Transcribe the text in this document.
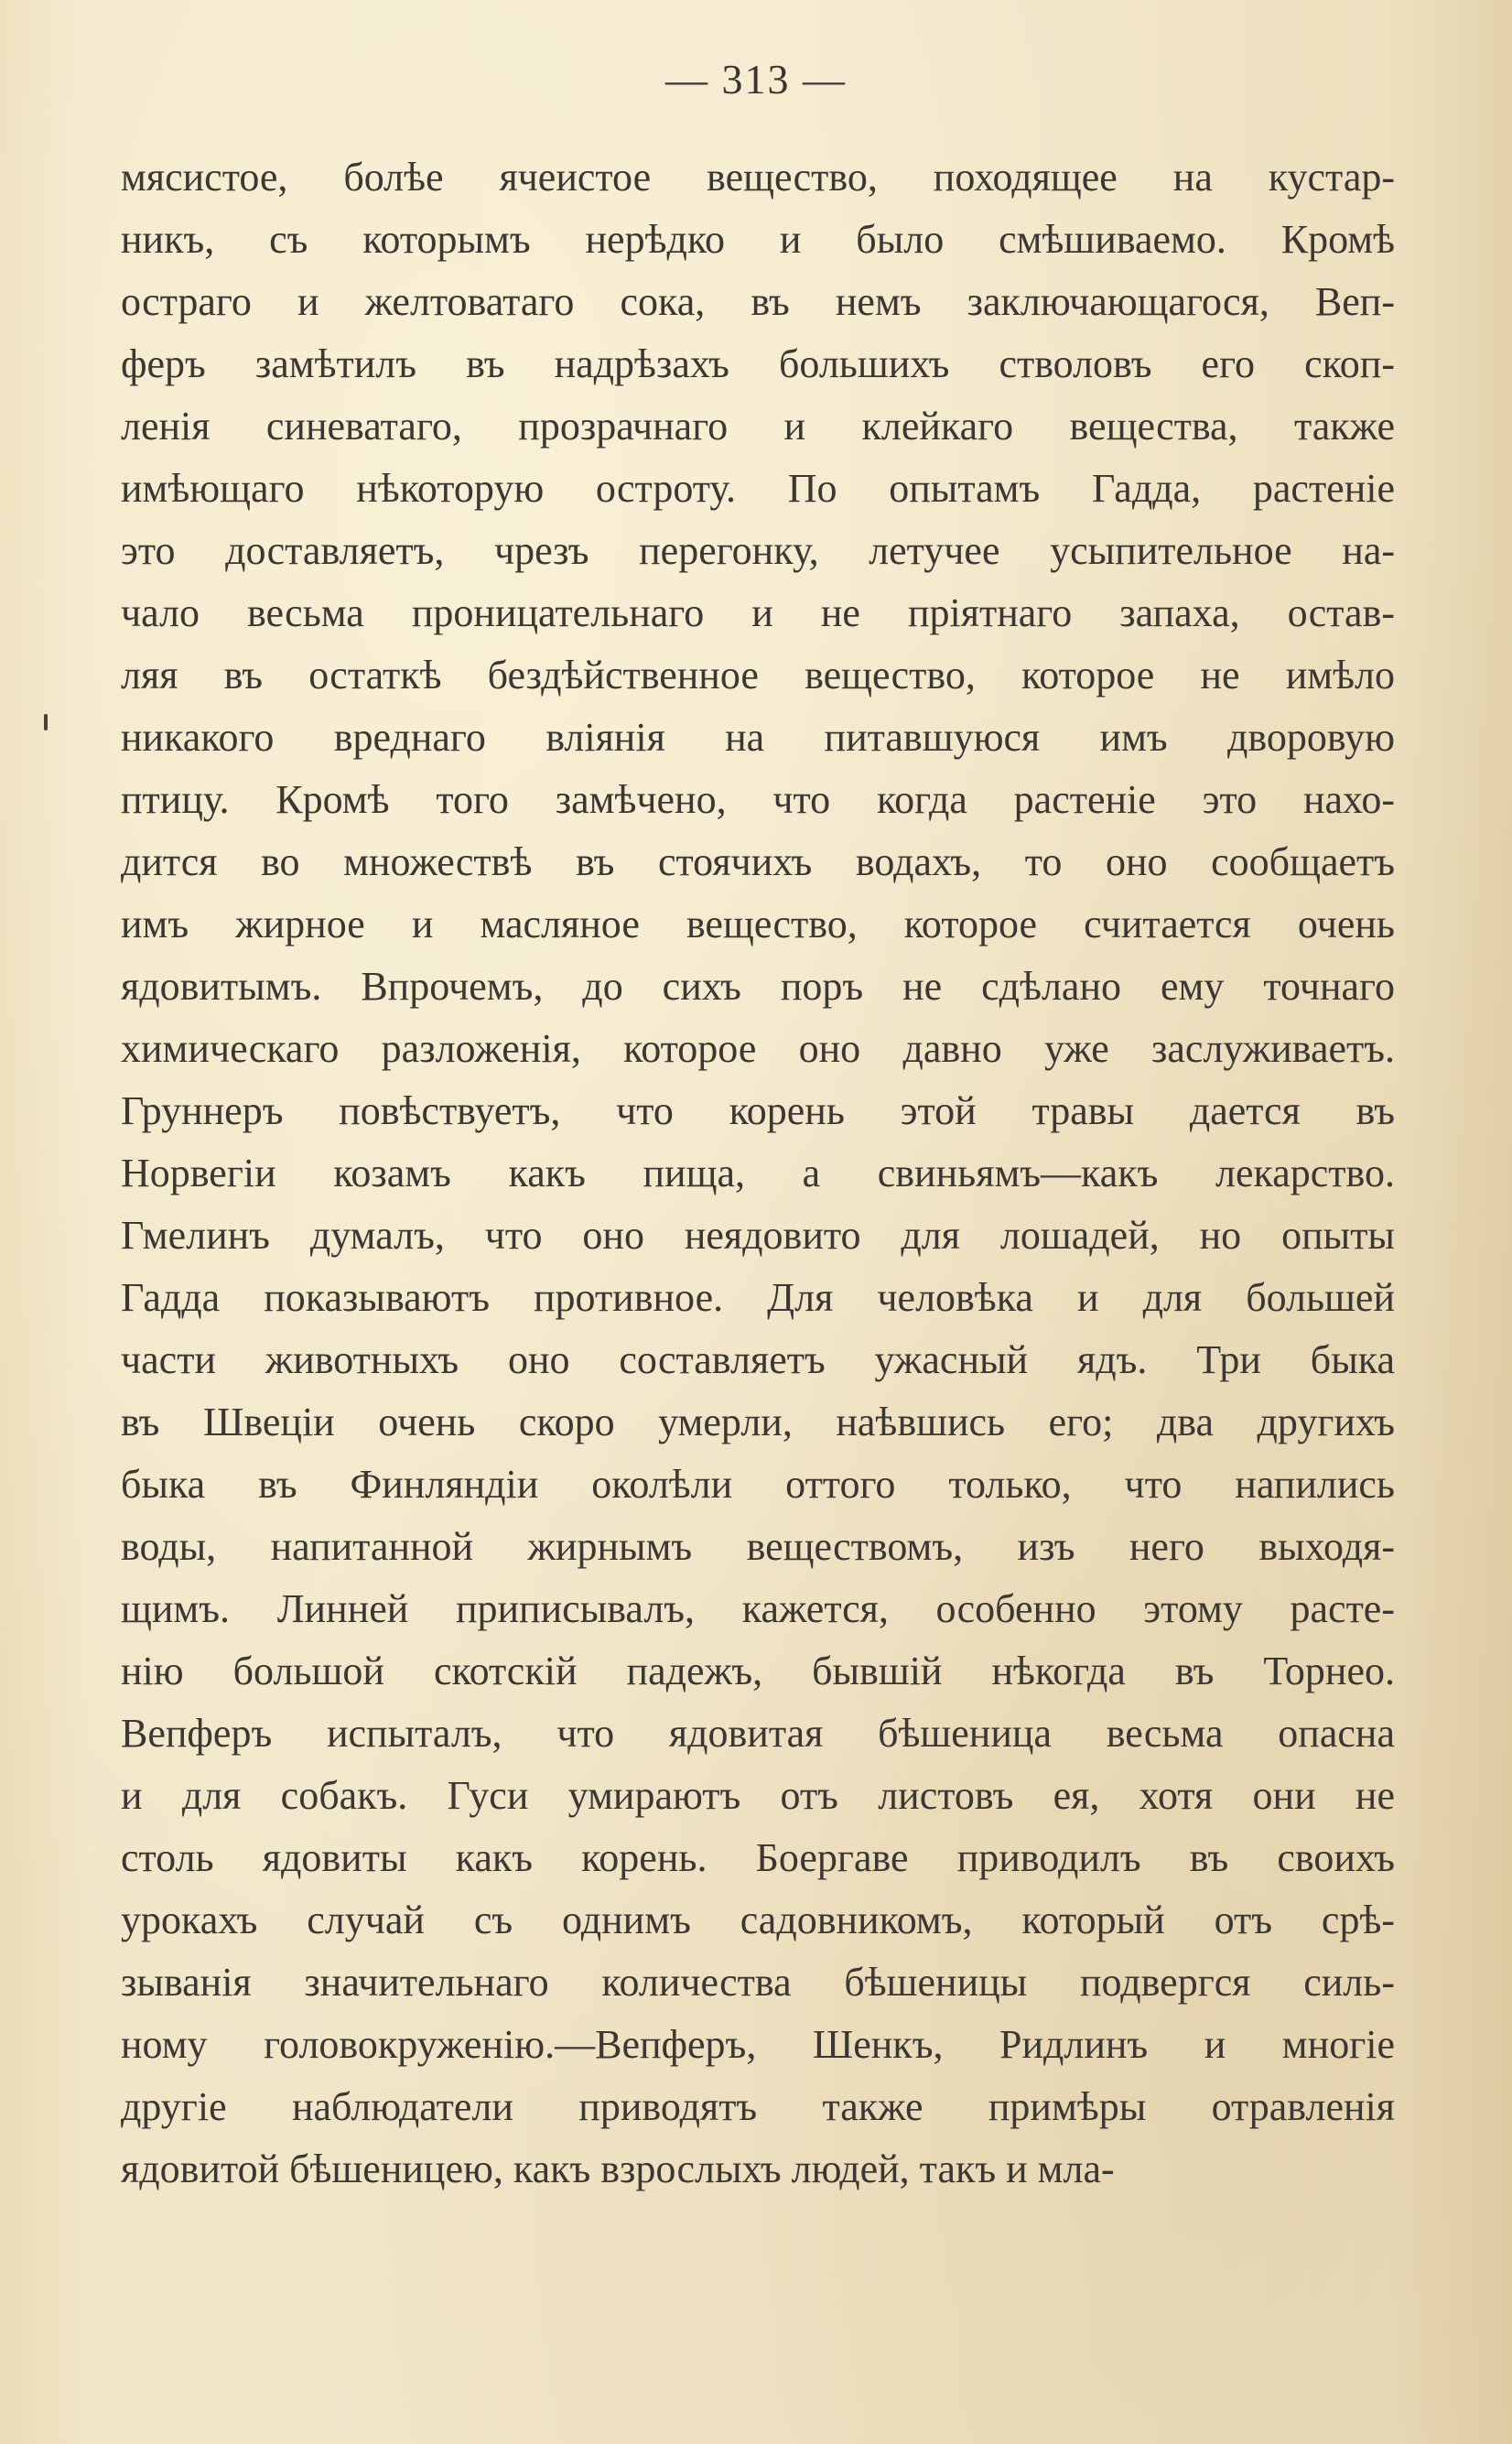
— 313 —
мясистое, болѣе ячеистое вещество, походящее на кустар-
никъ, съ которымъ нерѣдко и было смѣшиваемо. Кромѣ
остраго и желтоватаго сока, въ немъ заключающагося, Веп-
феръ замѣтилъ въ надрѣзахъ большихъ стволовъ его скоп-
ленія синеватаго, прозрачнаго и клейкаго вещества, также
имѣющаго нѣкоторую остроту. По опытамъ Гадда, растеніе
это доставляетъ, чрезъ перегонку, летучее усыпительное на-
чало весьма проницательнаго и не пріятнаго запаха, остав-
ляя въ остаткѣ бездѣйственное вещество, которое не имѣло
никакого вреднаго вліянія на питавшуюся имъ дворовую
птицу. Кромѣ того замѣчено, что когда растеніе это нахо-
дится во множествѣ въ стоячихъ водахъ, то оно сообщаетъ
имъ жирное и масляное вещество, которое считается очень
ядовитымъ. Впрочемъ, до сихъ поръ не сдѣлано ему точнаго
химическаго разложенія, которое оно давно уже заслуживаетъ.
Груннеръ повѣствуетъ, что корень этой травы дается въ
Норвегіи козамъ какъ пища, а свиньямъ—какъ лекарство.
Гмелинъ думалъ, что оно неядовито для лошадей, но опыты
Гадда показываютъ противное. Для человѣка и для большей
части животныхъ оно составляетъ ужасный ядъ. Три быка
въ Швеціи очень скоро умерли, наѣвшись его; два другихъ
быка въ Финляндіи околѣли оттого только, что напились
воды, напитанной жирнымъ веществомъ, изъ него выходя-
щимъ. Линней приписывалъ, кажется, особенно этому расте-
нію большой скотскій падежъ, бывшій нѣкогда въ Торнео.
Вепферъ испыталъ, что ядовитая бѣшеница весьма опасна
и для собакъ. Гуси умираютъ отъ листовъ ея, хотя они не
столь ядовиты какъ корень. Боергаве приводилъ въ своихъ
урокахъ случай съ однимъ садовникомъ, который отъ срѣ-
зыванія значительнаго количества бѣшеницы подвергся силь-
ному головокруженію.—Вепферъ, Шенкъ, Ридлинъ и многіе
другіе наблюдатели приводятъ также примѣры отравленія
ядовитой бѣшеницею, какъ взрослыхъ людей, такъ и мла-
